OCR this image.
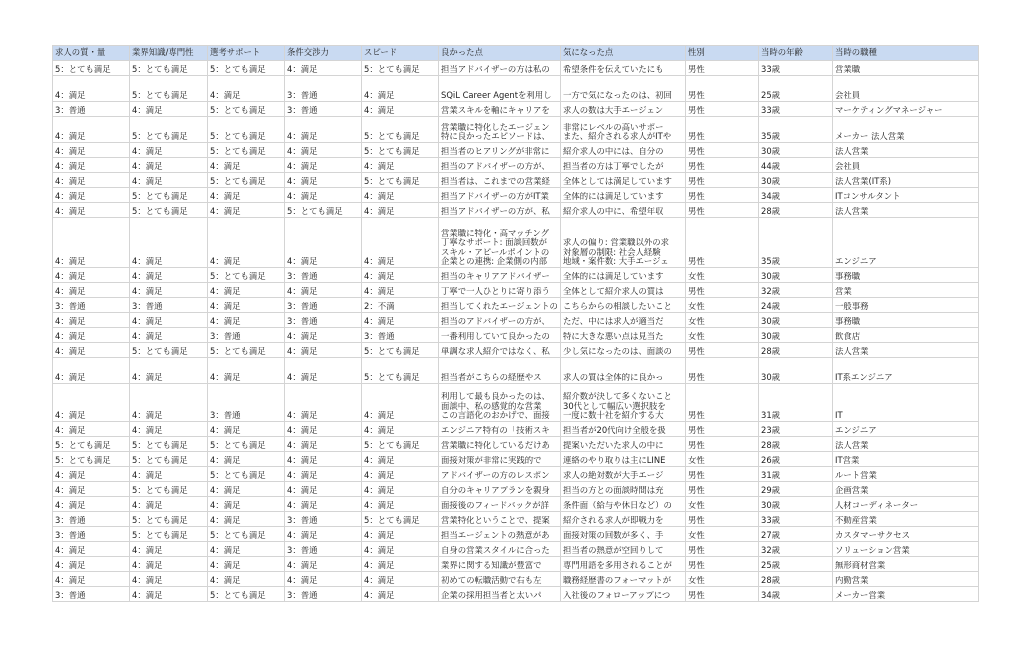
求人の質・量	業界知識/専門性	選考サポート	条件交渉力	スピード	良かった点	気になった点	性別	当時の年齢	当時の職種

5：とても満足	5：とても満足	5：とても満足	4：満足	5：とても満足	担当アドバイザーの方は私の	希望条件を伝えていたにも	男性	33歳	営業職

4：満足	5：とても満足	4：満足	3：普通	4：満足	SQiL Career Agentを利用し	一方で気になったのは、初回	男性	25歳	会社員

3：普通	4：満足	5：とても満足	3：普通	4：満足	営業スキルを軸にキャリアを	求人の数は大手エージェン	男性	33歳	マーケティングマネージャー

4：満足	5：とても満足	5：とても満足	4：満足	5：とても満足	営業職に特化したエージェン
特に良かったエピソードは、	非常にレベルの高いサポー
また、紹介される求人がITや	男性	35歳	メーカー 法人営業

4：満足	4：満足	5：とても満足	4：満足	5：とても満足	担当者のヒアリングが非常に	紹介求人の中には、自分の	男性	30歳	法人営業

4：満足	4：満足	4：満足	4：満足	4：満足	担当のアドバイザーの方が、	担当者の方は丁寧でしたが	男性	44歳	会社員

4：満足	4：満足	5：とても満足	4：満足	5：とても満足	担当者は、これまでの営業経	全体としては満足しています	男性	30歳	法人営業(IT系)

4：満足	5：とても満足	4：満足	4：満足	4：満足	担当アドバイザーの方がIT業	全体的には満足しています	男性	34歳	ITコンサルタント

4：満足	5：とても満足	4：満足	5：とても満足	4：満足	担当アドバイザーの方が、私	紹介求人の中に、希望年収	男性	28歳	法人営業

4：満足	4：満足	4：満足	4：満足	4：満足	営業職に特化・高マッチング
丁寧なサポート: 面談回数が
スキル・アピールポイントの
企業との連携: 企業側の内部	求人の偏り: 営業職以外の求
対象層の制限: 社会人経験
地域・案件数: 大手エージェ	男性	35歳	エンジニア

4：満足	4：満足	5：とても満足	3：普通	4：満足	担当のキャリアアドバイザー	全体的には満足しています	女性	30歳	事務職

4：満足	4：満足	4：満足	4：満足	4：満足	丁寧で一人ひとりに寄り添う	全体として紹介求人の質は	男性	32歳	営業

3：普通	3：普通	4：満足	3：普通	2：不満	担当してくれたエージェントの	こちらからの相談したいこと	女性	24歳	一般事務

4：満足	4：満足	4：満足	3：普通	4：満足	担当のアドバイザーの方が、	ただ、中には求人が適当だ	女性	30歳	事務職

4：満足	4：満足	3：普通	4：満足	3：普通	一番利用していて良かったの	特に大きな悪い点は見当た	女性	30歳	飲食店

4：満足	5：とても満足	5：とても満足	4：満足	5：とても満足	単調な求人紹介ではなく、私	少し気になったのは、面談の	男性	28歳	法人営業

4：満足	4：満足	4：満足	4：満足	5：とても満足	担当者がこちらの経歴やス	求人の質は全体的に良かっ	男性	30歳	IT系エンジニア

4：満足	4：満足	3：普通	4：満足	4：満足	利用して最も良かったのは、
面談中、私の感覚的な営業
この言語化のおかげで、面接	紹介数が決して多くないこと
30代として幅広い選択肢を
一度に数十社を紹介する大	男性	31歳	IT

4：満足	4：満足	4：満足	4：満足	4：満足	エンジニア特有の「技術スキ	担当者が20代向け全般を扱	男性	23歳	エンジニア

5：とても満足	5：とても満足	5：とても満足	4：満足	5：とても満足	営業職に特化しているだけあ	提案いただいた求人の中に	男性	28歳	法人営業

5：とても満足	5：とても満足	4：満足	4：満足	4：満足	面接対策が非常に実践的で	連絡のやり取りは主にLINE	女性	26歳	IT営業

4：満足	4：満足	5：とても満足	4：満足	4：満足	アドバイザーの方のレスポン	求人の絶対数が大手エージ	男性	31歳	ルート営業

4：満足	5：とても満足	4：満足	4：満足	4：満足	自分のキャリアプランを親身	担当の方との面談時間は充	男性	29歳	企画営業

4：満足	4：満足	4：満足	4：満足	4：満足	面接後のフィードバックが詳	条件面（給与や休日など）の	女性	30歳	人材コーディネーター

3：普通	5：とても満足	4：満足	3：普通	5：とても満足	営業特化ということで、提案	紹介される求人が即戦力を	男性	33歳	不動産営業

3：普通	5：とても満足	5：とても満足	4：満足	4：満足	担当エージェントの熱意があ	面接対策の回数が多く、手	女性	27歳	カスタマーサクセス

4：満足	4：満足	4：満足	3：普通	4：満足	自身の営業スタイルに合った	担当者の熱意が空回りして	男性	32歳	ソリューション営業

4：満足	4：満足	4：満足	4：満足	4：満足	業界に関する知識が豊富で	専門用語を多用されることが	男性	25歳	無形商材営業

4：満足	4：満足	4：満足	4：満足	4：満足	初めての転職活動で右も左	職務経歴書のフォーマットが	女性	28歳	内勤営業

3：普通	4：満足	5：とても満足	3：普通	4：満足	企業の採用担当者と太いパ	入社後のフォローアップにつ	男性	34歳	メーカー営業
